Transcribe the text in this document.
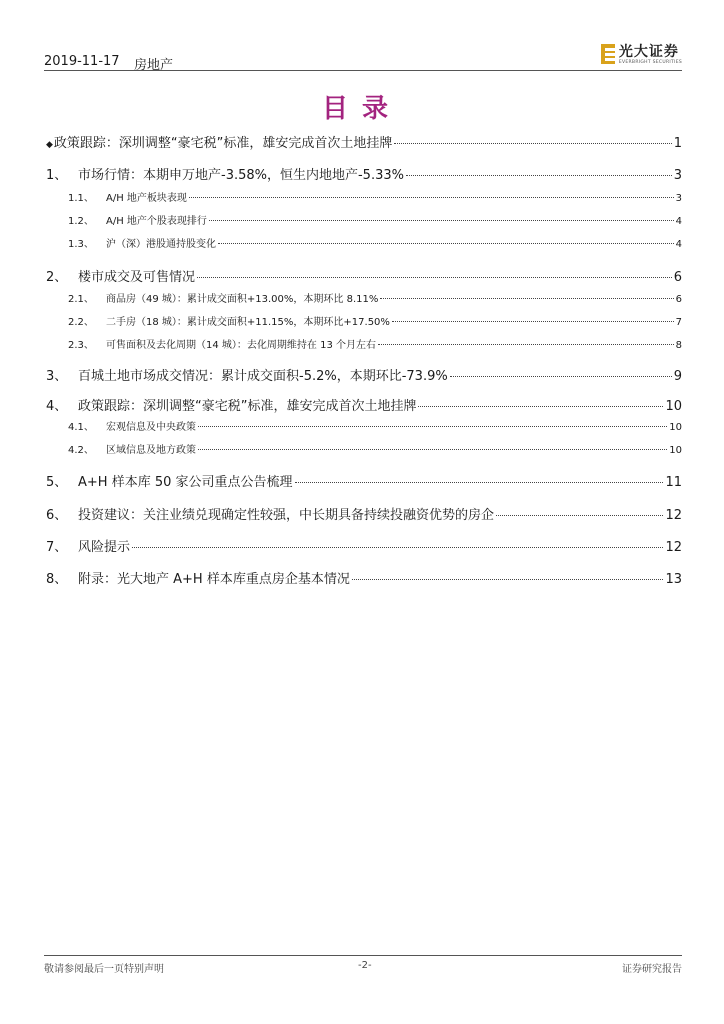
2019-11-17 房地产
光大证券
EVERBRIGHT SECURITIES
目录
◆ 政策跟踪：深圳调整“豪宅税”标准，雄安完成首次土地挂牌	1
1、 市场行情：本期申万地产-3.58%，恒生内地地产-5.33%	3
1.1、	A/H 地产板块表现	3
1.2、	A/H 地产个股表现排行	4
1.3、	沪（深）港股通持股变化	4
2、 楼市成交及可售情况	6
2.1、	商品房（49 城）：累计成交面积+13.00%，本期环比 8.11%	6
2.2、	二手房（18 城）：累计成交面积+11.15%，本期环比+17.50%	7
2.3、	可售面积及去化周期（14 城）：去化周期维持在 13 个月左右	8
3、 百城土地市场成交情况：累计成交面积-5.2%，本期环比-73.9%	9
4、 政策跟踪：深圳调整“豪宅税”标准，雄安完成首次土地挂牌	10
4.1、	宏观信息及中央政策	10
4.2、	区域信息及地方政策	10
5、 A+H 样本库 50 家公司重点公告梳理	11
6、 投资建议：关注业绩兑现确定性较强，中长期具备持续投融资优势的房企	12
7、 风险提示	12
8、 附录：光大地产 A+H 样本库重点房企基本情况	13
敬请参阅最后一页特别声明	-2-	证券研究报告
